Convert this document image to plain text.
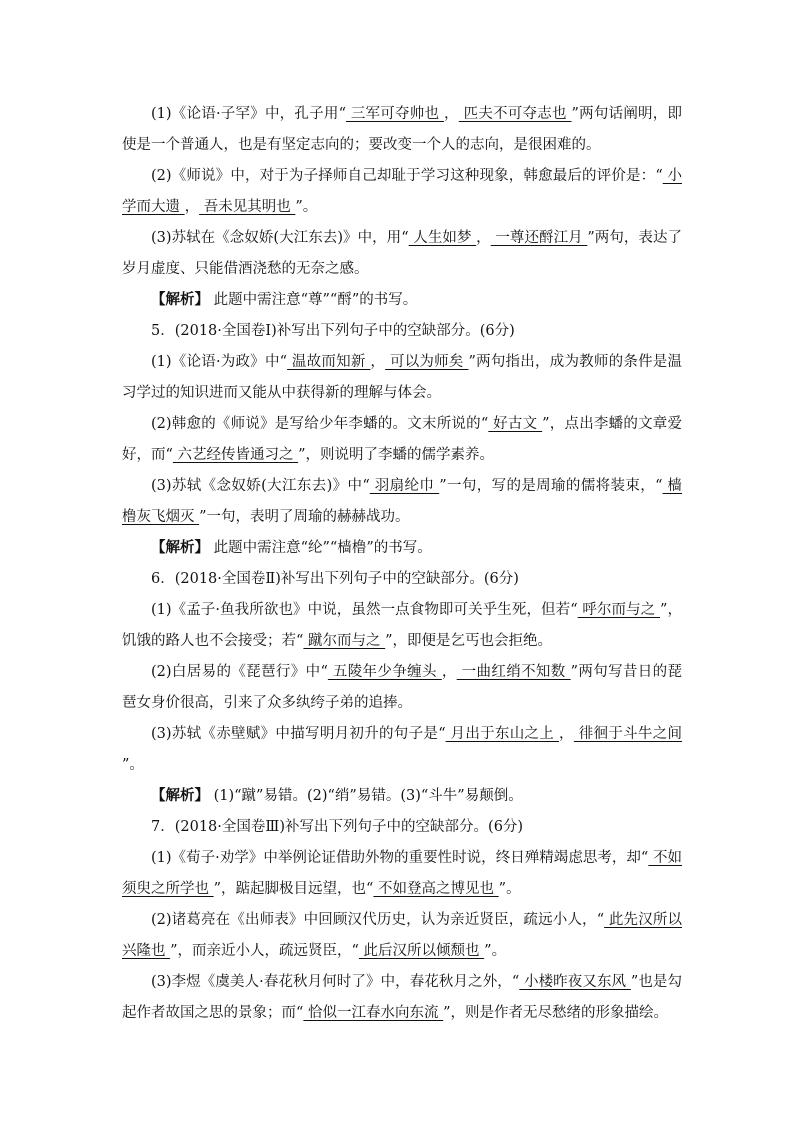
(1)《论语·子罕》中，孔子用“ 三军可夺帅也 ， 匹夫不可夺志也 ”两句话阐明，即使是一个普通人，也是有坚定志向的；要改变一个人的志向，是很困难的。

(2)《师说》中，对于为子择师自己却耻于学习这种现象，韩愈最后的评价是：“ 小学而大遗 ， 吾未见其明也 ”。

(3)苏轼在《念奴娇(大江东去)》中，用“ 人生如梦 ， 一尊还酹江月 ”两句，表达了岁月虚度、只能借酒浇愁的无奈之感。

【解析】 此题中需注意“尊”“酹”的书写。

5．(2018·全国卷Ⅰ)补写出下列句子中的空缺部分。(6分)

(1)《论语·为政》中“ 温故而知新 ， 可以为师矣 ”两句指出，成为教师的条件是温习学过的知识进而又能从中获得新的理解与体会。

(2)韩愈的《师说》是写给少年李蟠的。文末所说的“ 好古文 ”，点出李蟠的文章爱好，而“ 六艺经传皆通习之 ”，则说明了李蟠的儒学素养。

(3)苏轼《念奴娇(大江东去)》中“ 羽扇纶巾 ”一句，写的是周瑜的儒将装束，“ 樯橹灰飞烟灭 ”一句，表明了周瑜的赫赫战功。

【解析】 此题中需注意“纶”“樯橹”的书写。

6．(2018·全国卷Ⅱ)补写出下列句子中的空缺部分。(6分)

(1)《孟子·鱼我所欲也》中说，虽然一点食物即可关乎生死，但若“ 呼尔而与之 ”，饥饿的路人也不会接受；若“ 蹴尔而与之 ”，即便是乞丐也会拒绝。

(2)白居易的《琵琶行》中“ 五陵年少争缠头 ， 一曲红绡不知数 ”两句写昔日的琵琶女身价很高，引来了众多纨绔子弟的追捧。

(3)苏轼《赤壁赋》中描写明月初升的句子是“ 月出于东山之上 ， 徘徊于斗牛之间 ”。

【解析】 (1)“蹴”易错。(2)“绡”易错。(3)“斗牛”易颠倒。

7．(2018·全国卷Ⅲ)补写出下列句子中的空缺部分。(6分)

(1)《荀子·劝学》中举例论证借助外物的重要性时说，终日殚精竭虑思考，却“ 不如须臾之所学也 ”，踮起脚极目远望，也“ 不如登高之博见也 ”。

(2)诸葛亮在《出师表》中回顾汉代历史，认为亲近贤臣，疏远小人，“ 此先汉所以兴隆也 ”，而亲近小人，疏远贤臣，“ 此后汉所以倾颓也 ”。

(3)李煜《虞美人·春花秋月何时了》中，春花秋月之外，“ 小楼昨夜又东风 ”也是勾起作者故国之思的景象；而“ 恰似一江春水向东流 ”，则是作者无尽愁绪的形象描绘。
